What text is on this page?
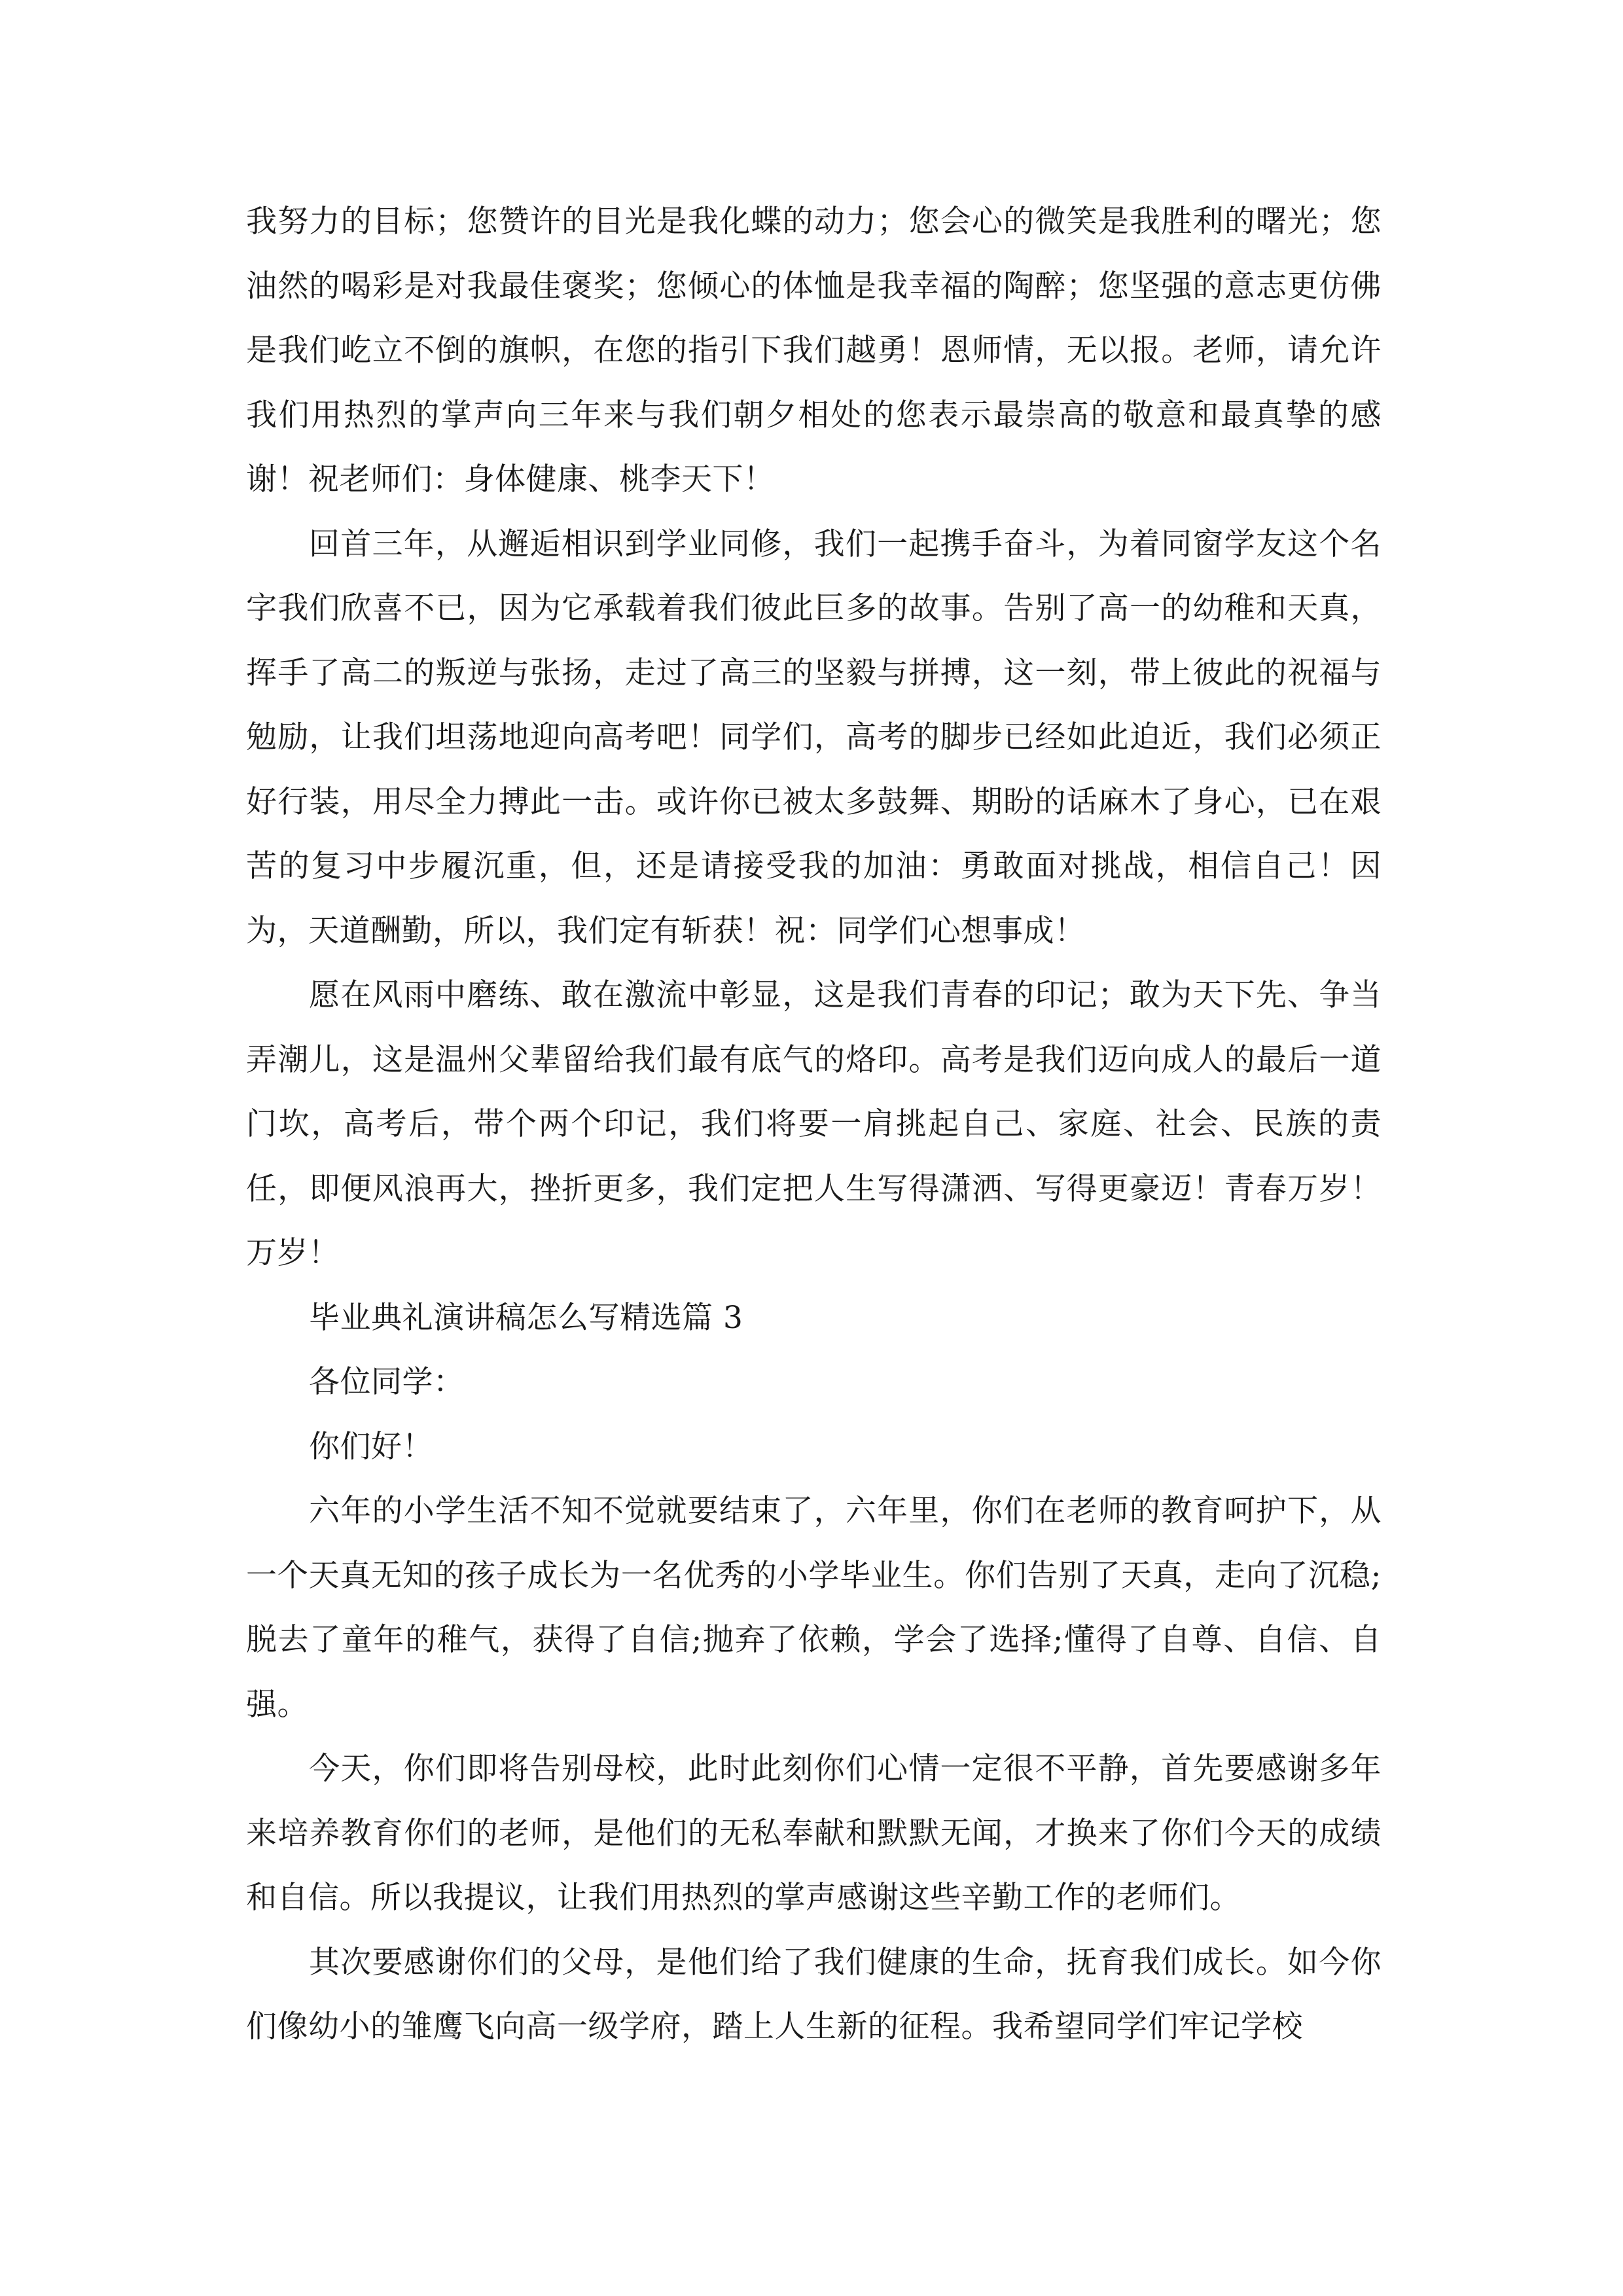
我努力的目标；您赞许的目光是我化蝶的动力；您会心的微笑是我胜利的曙光；您油然的喝彩是对我最佳褒奖；您倾心的体恤是我幸福的陶醉；您坚强的意志更仿佛是我们屹立不倒的旗帜，在您的指引下我们越勇！恩师情，无以报。老师，请允许我们用热烈的掌声向三年来与我们朝夕相处的您表示最崇高的敬意和最真挚的感谢！祝老师们：身体健康、桃李天下！

回首三年，从邂逅相识到学业同修，我们一起携手奋斗，为着同窗学友这个名字我们欣喜不已，因为它承载着我们彼此巨多的故事。告别了高一的幼稚和天真，挥手了高二的叛逆与张扬，走过了高三的坚毅与拼搏，这一刻，带上彼此的祝福与勉励，让我们坦荡地迎向高考吧！同学们，高考的脚步已经如此迫近，我们必须正好行装，用尽全力搏此一击。或许你已被太多鼓舞、期盼的话麻木了身心，已在艰苦的复习中步履沉重，但，还是请接受我的加油：勇敢面对挑战，相信自己！因为，天道酬勤，所以，我们定有斩获！祝：同学们心想事成！

愿在风雨中磨练、敢在激流中彰显，这是我们青春的印记；敢为天下先、争当弄潮儿，这是温州父辈留给我们最有底气的烙印。高考是我们迈向成人的最后一道门坎，高考后，带个两个印记，我们将要一肩挑起自己、家庭、社会、民族的责任，即便风浪再大，挫折更多，我们定把人生写得潇洒、写得更豪迈！青春万岁！万岁！

毕业典礼演讲稿怎么写精选篇 3

各位同学：

你们好！

六年的小学生活不知不觉就要结束了，六年里，你们在老师的教育呵护下，从一个天真无知的孩子成长为一名优秀的小学毕业生。你们告别了天真，走向了沉稳;脱去了童年的稚气，获得了自信;抛弃了依赖，学会了选择;懂得了自尊、自信、自强。

今天，你们即将告别母校，此时此刻你们心情一定很不平静，首先要感谢多年来培养教育你们的老师，是他们的无私奉献和默默无闻，才换来了你们今天的成绩和自信。所以我提议，让我们用热烈的掌声感谢这些辛勤工作的老师们。

其次要感谢你们的父母，是他们给了我们健康的生命，抚育我们成长。如今你们像幼小的雏鹰飞向高一级学府，踏上人生新的征程。我希望同学们牢记学校
